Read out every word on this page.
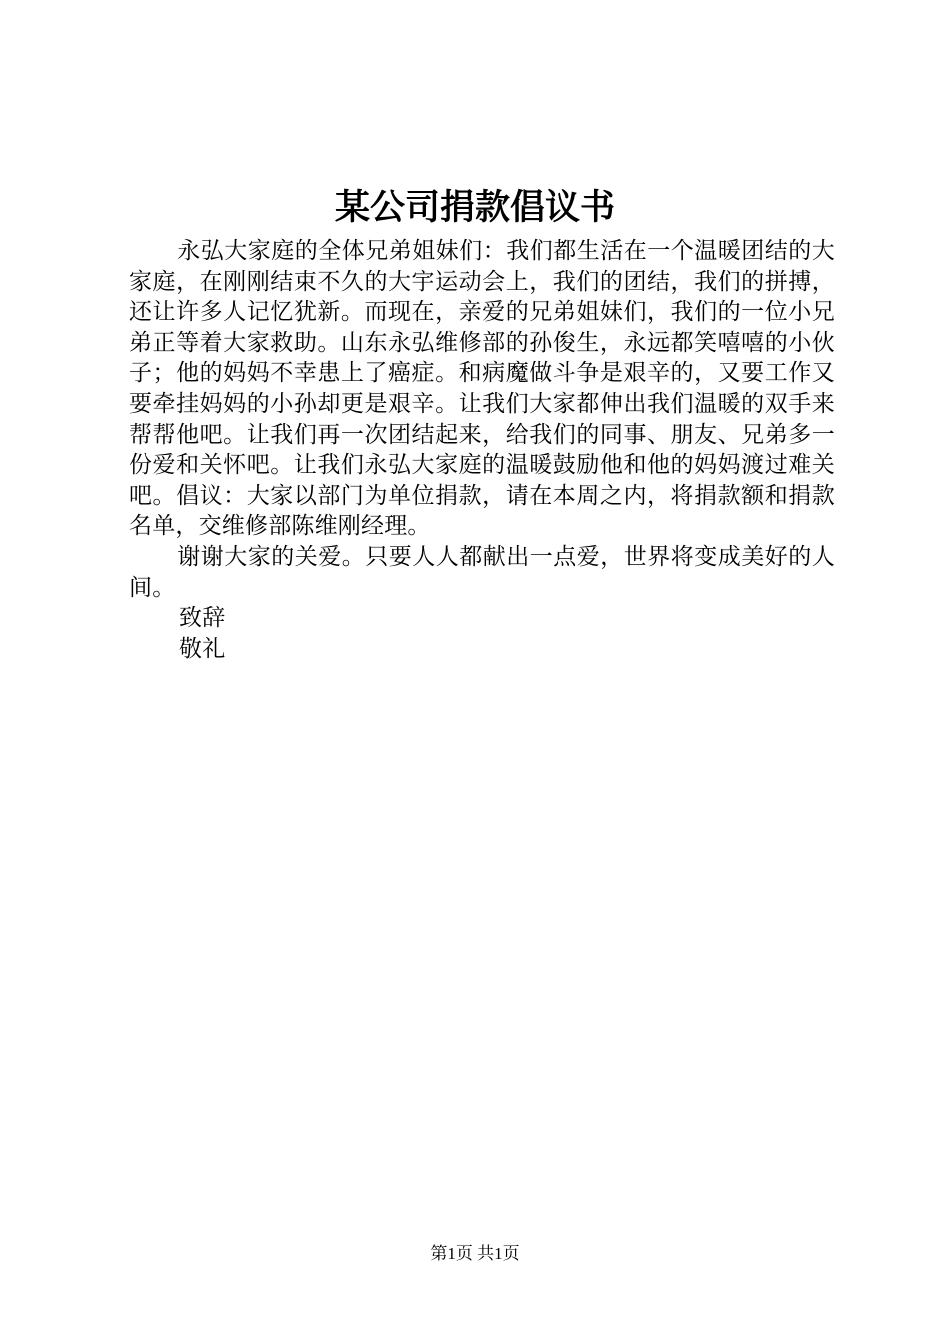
某公司捐款倡议书

永弘大家庭的全体兄弟姐妹们：我们都生活在一个温暖团结的大家庭，在刚刚结束不久的大宇运动会上，我们的团结，我们的拼搏，还让许多人记忆犹新。而现在，亲爱的兄弟姐妹们，我们的一位小兄弟正等着大家救助。山东永弘维修部的孙俊生，永远都笑嘻嘻的小伙子；他的妈妈不幸患上了癌症。和病魔做斗争是艰辛的，又要工作又要牵挂妈妈的小孙却更是艰辛。让我们大家都伸出我们温暖的双手来帮帮他吧。让我们再一次团结起来，给我们的同事、朋友、兄弟多一份爱和关怀吧。让我们永弘大家庭的温暖鼓励他和他的妈妈渡过难关吧。倡议：大家以部门为单位捐款，请在本周之内，将捐款额和捐款名单，交维修部陈维刚经理。

谢谢大家的关爱。只要人人都献出一点爱，世界将变成美好的人间。

致辞

敬礼

第1页 共1页
